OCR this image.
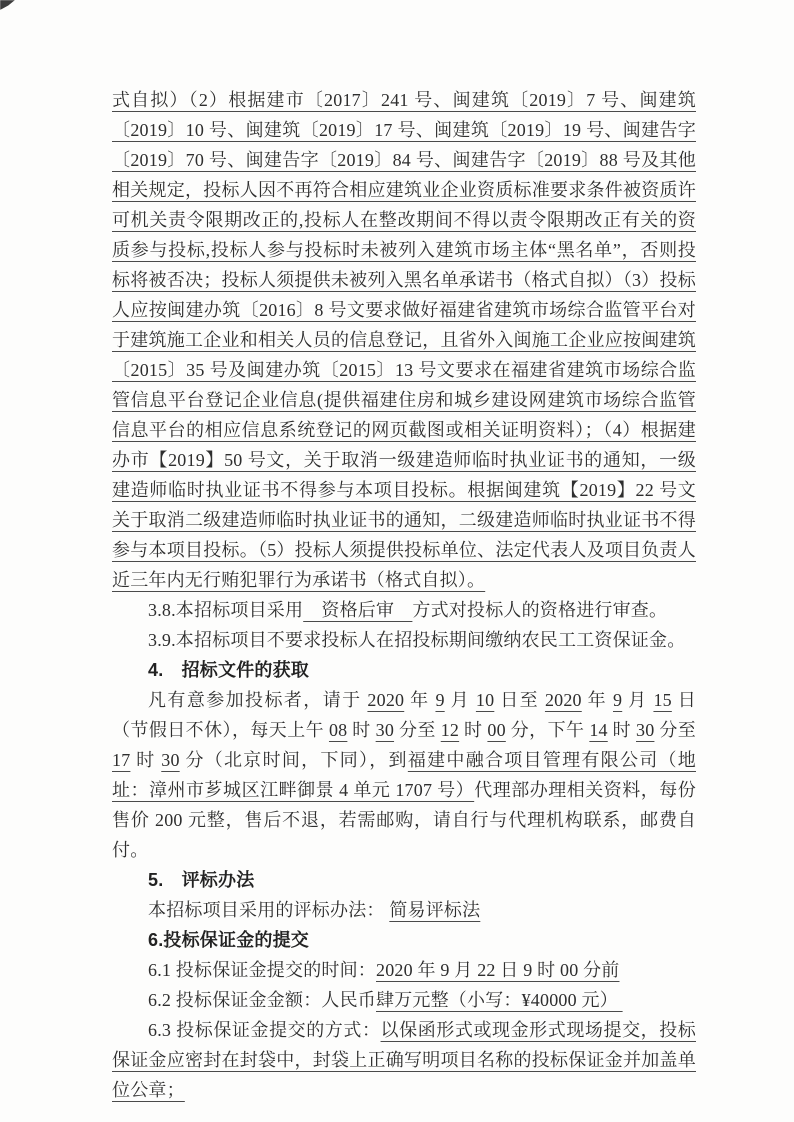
式自拟）（2）根据建市〔2017〕241 号、闽建筑〔2019〕7 号、闽建筑〔2019〕10 号、闽建筑〔2019〕17 号、闽建筑〔2019〕19 号、闽建告字〔2019〕70 号、闽建告字〔2019〕84 号、闽建告字〔2019〕88 号及其他相关规定，投标人因不再符合相应建筑业企业资质标准要求条件被资质许可机关责令限期改正的,投标人在整改期间不得以责令限期改正有关的资质参与投标,投标人参与投标时未被列入建筑市场主体“黑名单”，否则投标将被否决；投标人须提供未被列入黑名单承诺书（格式自拟）（3）投标人应按闽建办筑〔2016〕8 号文要求做好福建省建筑市场综合监管平台对于建筑施工企业和相关人员的信息登记，且省外入闽施工企业应按闽建筑〔2015〕35 号及闽建办筑〔2015〕13 号文要求在福建省建筑市场综合监管信息平台登记企业信息(提供福建住房和城乡建设网建筑市场综合监管信息平台的相应信息系统登记的网页截图或相关证明资料）；（4）根据建办市【2019】50 号文，关于取消一级建造师临时执业证书的通知，一级建造师临时执业证书不得参与本项目投标。根据闽建筑【2019】22 号文关于取消二级建造师临时执业证书的通知，二级建造师临时执业证书不得参与本项目投标。（5）投标人须提供投标单位、法定代表人及项目负责人近三年内无行贿犯罪行为承诺书（格式自拟）。

3.8.本招标项目采用　资格后审　方式对投标人的资格进行审查。

3.9.本招标项目不要求投标人在招投标期间缴纳农民工工资保证金。

4.　招标文件的获取

凡有意参加投标者，请于 2020 年 9 月 10 日至 2020 年 9 月 15 日（节假日不休），每天上午 08 时 30 分至 12 时 00 分，下午 14 时 30 分至 17 时 30 分（北京时间，下同），到福建中融合项目管理有限公司（地址：漳州市芗城区江畔御景 4 单元 1707 号）代理部办理相关资料，每份售价 200 元整，售后不退，若需邮购，请自行与代理机构联系，邮费自付。

5.　评标办法

本招标项目采用的评标办法： 简易评标法

6.投标保证金的提交

6.1 投标保证金提交的时间：2020 年 9 月 22 日 9 时 00 分前

6.2 投标保证金金额：人民币肆万元整（小写：¥40000 元）

6.3 投标保证金提交的方式：以保函形式或现金形式现场提交，投标保证金应密封在封袋中，封袋上正确写明项目名称的投标保证金并加盖单位公章；
